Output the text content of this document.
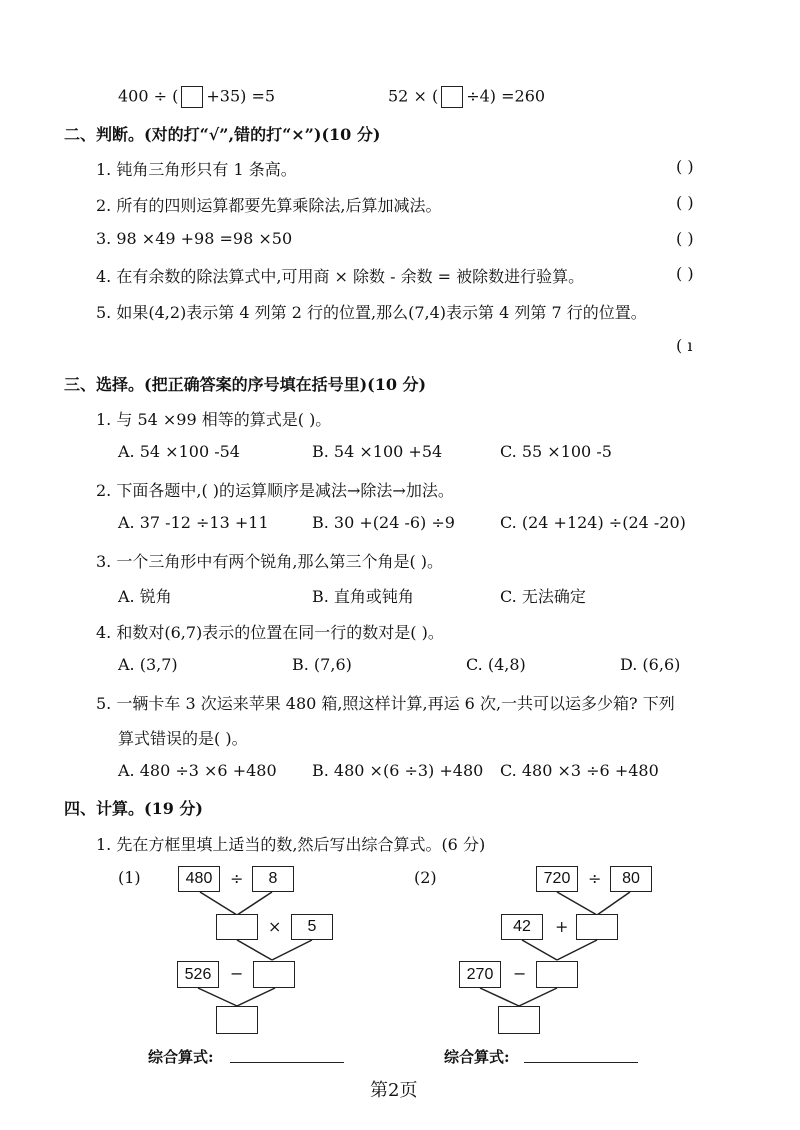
400 ÷ ( +35) =5	52 × ( ÷4) =260
二、判断。(对的打“√”,错的打“×”)(10 分)
1. 钝角三角形只有 1 条高。	( )
2. 所有的四则运算都要先算乘除法,后算加减法。	( )
3. 98 ×49 +98 =98 ×50	( )
4. 在有余数的除法算式中,可用商 × 除数 - 余数 = 被除数进行验算。	( )
5. 如果(4,2)表示第 4 列第 2 行的位置,那么(7,4)表示第 4 列第 7 行的位置。
( ı
三、选择。(把正确答案的序号填在括号里)(10 分)
1. 与 54 ×99 相等的算式是( )。
A. 54 ×100 -54	B. 54 ×100 +54	C. 55 ×100 -5
2. 下面各题中,( )的运算顺序是减法→除法→加法。
A. 37 -12 ÷13 +11	B. 30 +(24 -6) ÷9	C. (24 +124) ÷(24 -20)
3. 一个三角形中有两个锐角,那么第三个角是( )。
A. 锐角	B. 直角或钝角	C. 无法确定
4. 和数对(6,7)表示的位置在同一行的数对是( )。
A. (3,7)	B. (7,6)	C. (4,8)	D. (6,6)
5. 一辆卡车 3 次运来苹果 480 箱,照这样计算,再运 6 次,一共可以运多少箱? 下列
算式错误的是( )。
A. 480 ÷3 ×6 +480 B. 480 ×(6 ÷3) +480 C. 480 ×3 ÷6 +480
四、计算。(19 分)
1. 先在方框里填上适当的数,然后写出综合算式。(6 分)
(1)	480	÷	8
×	5
526	−
综合算式:
(2)	720	÷	80
42	+
270	−
综合算式:
第2页
